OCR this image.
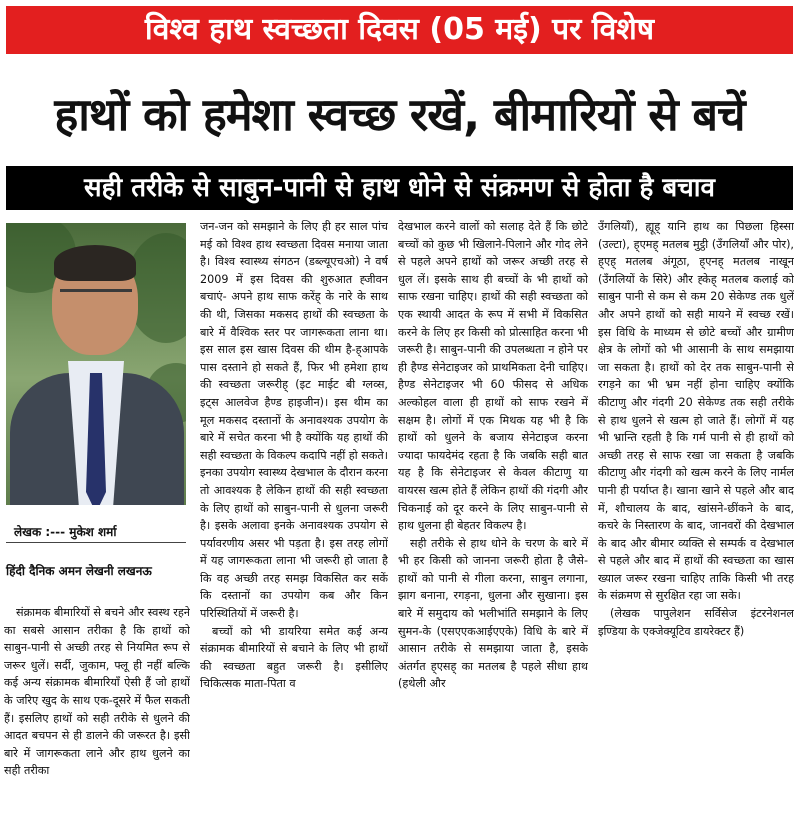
विश्व हाथ स्वच्छता दिवस (05 मई) पर विशेष
हाथों को हमेशा स्वच्छ रखें, बीमारियों से बचें
सही तरीके से साबुन-पानी से हाथ धोने से संक्रमण से होता है बचाव
लेखक :--- मुकेश शर्मा
हिंदी दैनिक अमन लेखनी लखनऊ

संक्रामक बीमारियों से बचने और स्वस्थ रहने का सबसे आसान तरीका है कि हाथों को साबुन-पानी से अच्छी तरह से नियमित रूप से जरूर धुलें। सर्दी, जुकाम, फ्लू ही नहीं बल्कि कई अन्य संक्रामक बीमारियाँ ऐसी हैं जो हाथों के जरिए खुद के साथ एक-दूसरे में फैल सकती हैं। इसलिए हाथों को सही तरीके से धुलने की आदत बचपन से ही डालने की जरूरत है। इसी बारे में जागरूकता लाने और हाथ धुलने का सही तरीका

जन-जन को समझाने के लिए ही हर साल पांच मई को विश्व हाथ स्वच्छता दिवस मनाया जाता है। विश्व स्वास्थ्य संगठन (डब्ल्यूएचओ) ने वर्ष 2009 में इस दिवस की शुरुआत ह्जीवन बचाएं- अपने हाथ साफ करेंह् के नारे के साथ की थी, जिसका मकसद हाथों की स्वच्छता के बारे में वैश्विक स्तर पर जागरूकता लाना था। इस साल इस खास दिवस की थीम है-ह्आपके पास दस्ताने हो सकते हैं, फिर भी हमेशा हाथ की स्वच्छता जरूरीह् (इट माईट बी ग्लव्स, इट्स आलवेज हैण्ड हाइजीन)। इस थीम का मूल मकसद दस्तानों के अनावश्यक उपयोग के बारे में सचेत करना भी है क्योंकि यह हाथों की सही स्वच्छता के विकल्प कदापि नहीं हो सकते। इनका उपयोग स्वास्थ्य देखभाल के दौरान करना तो आवश्यक है लेकिन हाथों की सही स्वच्छता के लिए हाथों को साबुन-पानी से धुलना जरूरी है। इसके अलावा इनके अनावश्यक उपयोग से पर्यावरणीय असर भी पड़ता है। इस तरह लोगों में यह जागरूकता लाना भी जरूरी हो जाता है कि वह अच्छी तरह समझ विकसित कर सकें कि दस्तानों का उपयोग कब और किन परिस्थितियों में जरूरी है।

बच्चों को भी डायरिया समेत कई अन्य संक्रामक बीमारियों से बचाने के लिए भी हाथों की स्वच्छता बहुत जरूरी है। इसीलिए चिकित्सक माता-पिता व

देखभाल करने वालों को सलाह देते हैं कि छोटे बच्चों को कुछ भी खिलाने-पिलाने और गोद लेने से पहले अपने हाथों को जरूर अच्छी तरह से धुल लें। इसके साथ ही बच्चों के भी हाथों को साफ रखना चाहिए। हाथों की सही स्वच्छता को एक स्थायी आदत के रूप में सभी में विकसित करने के लिए हर किसी को प्रोत्साहित करना भी जरूरी है। साबुन-पानी की उपलब्धता न होने पर ही हैण्ड सेनेटाइजर को प्राथमिकता देनी चाहिए। हैण्ड सेनेटाइजर भी 60 फीसद से अधिक अल्कोहल वाला ही हाथों को साफ रखने में सक्षम है। लोगों में एक मिथक यह भी है कि हाथों को धुलने के बजाय सेनेटाइज करना ज्यादा फायदेमंद रहता है कि जबकि सही बात यह है कि सेनेटाइजर से केवल कीटाणु या वायरस खत्म होते हैं लेकिन हाथों की गंदगी और चिकनाई को दूर करने के लिए साबुन-पानी से हाथ धुलना ही बेहतर विकल्प है।

सही तरीके से हाथ धोने के चरण के बारे में भी हर किसी को जानना जरूरी होता है जैसे- हाथों को पानी से गीला करना, साबुन लगाना, झाग बनाना, रगड़ना, धुलना और सुखाना। इस बारे में समुदाय को भलीभांति समझाने के लिए सुमन-के (एसएएकआईएएके) विधि के बारे में आसान तरीके से समझाया जाता है, इसके अंतर्गत ह्एसह् का मतलब है पहले सीधा हाथ (हथेली और

उँगलियाँ), ह्यूह् यानि हाथ का पिछला हिस्सा (उल्टा), ह्एमह् मतलब मुट्ठी (उँगलियाँ और पोर), ह्एह् मतलब अंगूठा, ह्एनह् मतलब नाखून (उँगलियों के सिरे) और ह्केह् मतलब कलाई को साबुन पानी से कम से कम 20 सेकेण्ड तक धुलें और अपने हाथों को सही मायने में स्वच्छ रखें। इस विधि के माध्यम से छोटे बच्चों और ग्रामीण क्षेत्र के लोगों को भी आसानी के साथ समझाया जा सकता है। हाथों को देर तक साबुन-पानी से रगड़ने का भी भ्रम नहीं होना चाहिए क्योंकि कीटाणु और गंदगी 20 सेकेण्ड तक सही तरीके से हाथ धुलने से खत्म हो जाते हैं। लोगों में यह भी भ्रान्ति रहती है कि गर्म पानी से ही हाथों को अच्छी तरह से साफ रखा जा सकता है जबकि कीटाणु और गंदगी को खत्म करने के लिए नार्मल पानी ही पर्याप्त है। खाना खाने से पहले और बाद में, शौचालय के बाद, खांसने-छींकने के बाद, कचरे के निस्तारण के बाद, जानवरों की देखभाल के बाद और बीमार व्यक्ति से सम्पर्क व देखभाल से पहले और बाद में हाथों की स्वच्छता का खास ख्याल जरूर रखना चाहिए ताकि किसी भी तरह के संक्रमण से सुरक्षित रहा जा सके।

(लेखक पापुलेशन सर्विसेज इंटरनेशनल इण्डिया के एक्जेक्यूटिव डायरेक्टर हैं)
